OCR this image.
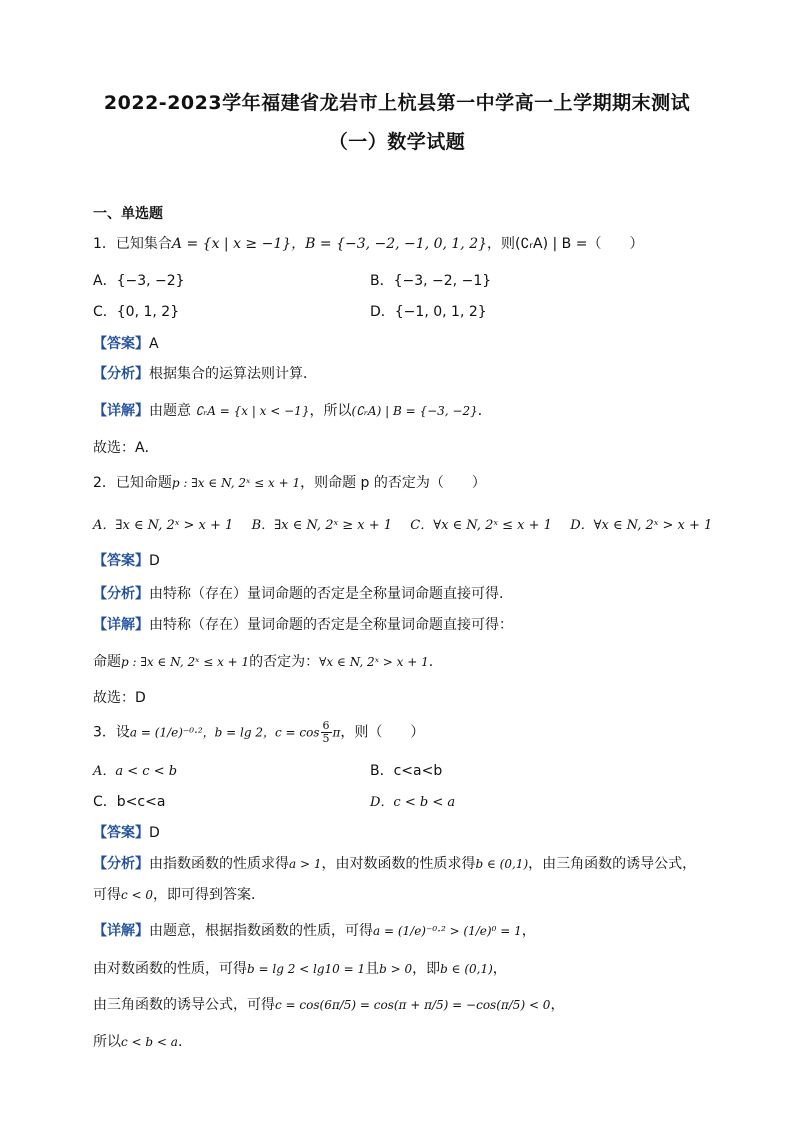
2022-2023学年福建省龙岩市上杭县第一中学高一上学期期末测试
（一）数学试题
一、单选题
1．已知集合A = {x | x ≥ −1}，B = {−3, −2, −1, 0, 1, 2}，则(∁ᵣA) | B =（　　）
A．{−3, −2}	B．{−3, −2, −1}
C．{0, 1, 2}	D．{−1, 0, 1, 2}
【答案】A
【分析】根据集合的运算法则计算．
【详解】由题意 ∁ᵣA = {x | x < −1}，所以(∁ᵣA) | B = {−3, −2}．
故选：A．
2．已知命题p : ∃x ∈ N, 2ˣ ≤ x + 1，则命题 p 的否定为（　　）
A．∃x ∈ N, 2ˣ > x + 1 B．∃x ∈ N, 2ˣ ≥ x + 1 C．∀x ∈ N, 2ˣ ≤ x + 1 D．∀x ∈ N, 2ˣ > x + 1
【答案】D
【分析】由特称（存在）量词命题的否定是全称量词命题直接可得.
【详解】由特称（存在）量词命题的否定是全称量词命题直接可得：
命题p : ∃x ∈ N, 2ˣ ≤ x + 1的否定为：∀x ∈ N, 2ˣ > x + 1.
故选：D
3．设a = (1/e)⁻⁰·²，b = lg 2，$c = \cos \frac{6}{5}$ π，则（　　）
A．a < c < b	B．c<a<b
C．b<c<a	D．c < b < a
【答案】D
【分析】由指数函数的性质求得a > 1，由对数函数的性质求得b ∈ (0,1)，由三角函数的诱导公式，
可得c < 0，即可得到答案.
【详解】由题意，根据指数函数的性质，可得a = (1/e)⁻⁰·² > (1/e)⁰ = 1，
由对数函数的性质，可得b = lg 2 < lg10 = 1且b > 0，即b ∈ (0,1)，
由三角函数的诱导公式，可得c = cos(6π/5) = cos(π + π/5) = −cos(π/5) < 0，
所以c < b < a.
